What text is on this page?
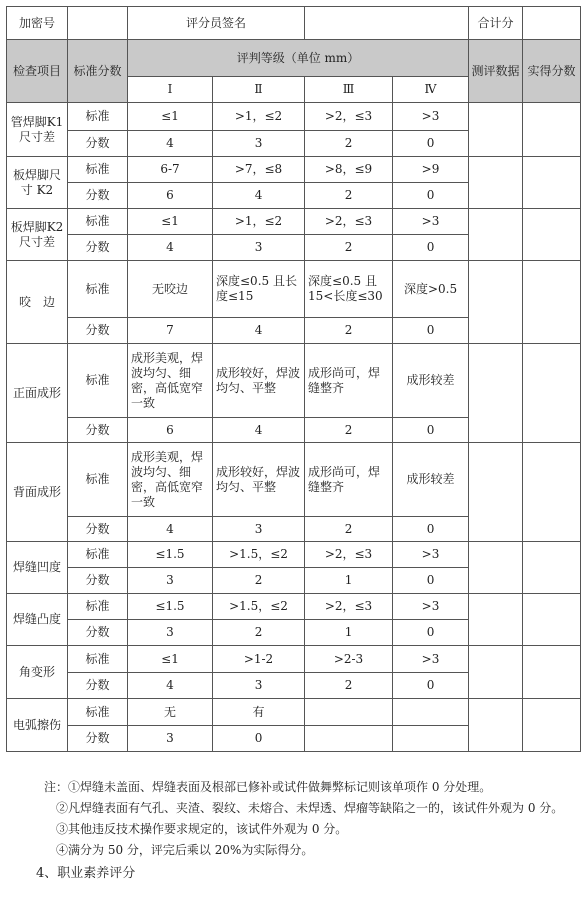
加密号		评分员签名				合计分	
检查项目	标准分数	评判等级（单位 mm）				测评数据	实得分数
		Ⅰ	Ⅱ	Ⅲ	Ⅳ		
管焊脚K1 尺寸差	标准	≤1	>1，≤2	>2，≤3	>3		
	分数	4	3	2	0		
板焊脚尺寸 K2	标准	6-7	>7，≤8	>8，≤9	>9		
	分数	6	4	2	0		
板焊脚K2 尺寸差	标准	≤1	>1，≤2	>2，≤3	>3		
	分数	4	3	2	0		
咬　边	标准	无咬边	深度≤0.5 且长度≤15	深度≤0.5 且 15<长度≤30	深度>0.5		
	分数	7	4	2	0		
正面成形	标准	成形美观，焊波均匀、细密，高低宽窄一致	成形较好，焊波均匀、平整	成形尚可，焊缝整齐	成形较差		
	分数	6	4	2	0		
背面成形	标准	成形美观，焊波均匀、细密，高低宽窄一致	成形较好，焊波均匀、平整	成形尚可，焊缝整齐	成形较差		
	分数	4	3	2	0		
焊缝凹度	标准	≤1.5	>1.5，≤2	>2，≤3	>3		
	分数	3	2	1	0		
焊缝凸度	标准	≤1.5	>1.5，≤2	>2，≤3	>3		
	分数	3	2	1	0		
角变形	标准	≤1	>1-2	>2-3	>3		
	分数	4	3	2	0		
电弧擦伤	标准	无	有				
	分数	3	0				

注：①焊缝未盖面、焊缝表面及根部已修补或试件做舞弊标记则该单项作 0 分处理。

②凡焊缝表面有气孔、夹渣、裂纹、未熔合、未焊透、焊瘤等缺陷之一的，该试件外观为 0 分。

③其他违反技术操作要求规定的，该试件外观为 0 分。

④满分为 50 分，评完后乘以 20%为实际得分。

4、职业素养评分
